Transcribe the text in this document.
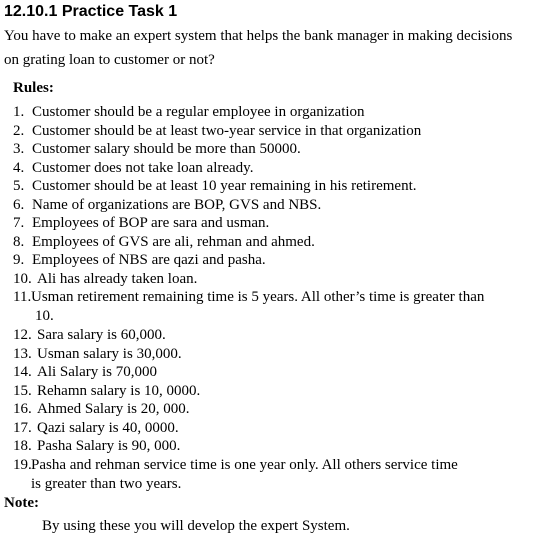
12.10.1 Practice Task 1
You have to make an expert system that helps the bank manager in making decisions on grating loan to customer or not?
Rules:
1. Customer should be a regular employee in organization
2. Customer should be at least two-year service in that organization
3. Customer salary should be more than 50000.
4. Customer does not take loan already.
5. Customer should be at least 10 year remaining in his retirement.
6. Name of organizations are BOP, GVS and NBS.
7. Employees of BOP are sara and usman.
8. Employees of GVS are ali, rehman and ahmed.
9. Employees of NBS are qazi and pasha.
10. Ali has already taken loan.
11.Usman retirement remaining time is 5 years. All other’s time is greater than
10.
12. Sara salary is 60,000.
13. Usman salary is 30,000.
14. Ali Salary is 70,000
15. Rehamn salary is 10, 0000.
16. Ahmed Salary is 20, 000.
17. Qazi salary is 40, 0000.
18. Pasha Salary is 90, 000.
19.Pasha and rehman service time is one year only. All others service time
is greater than two years.
Note:
By using these you will develop the expert System.
